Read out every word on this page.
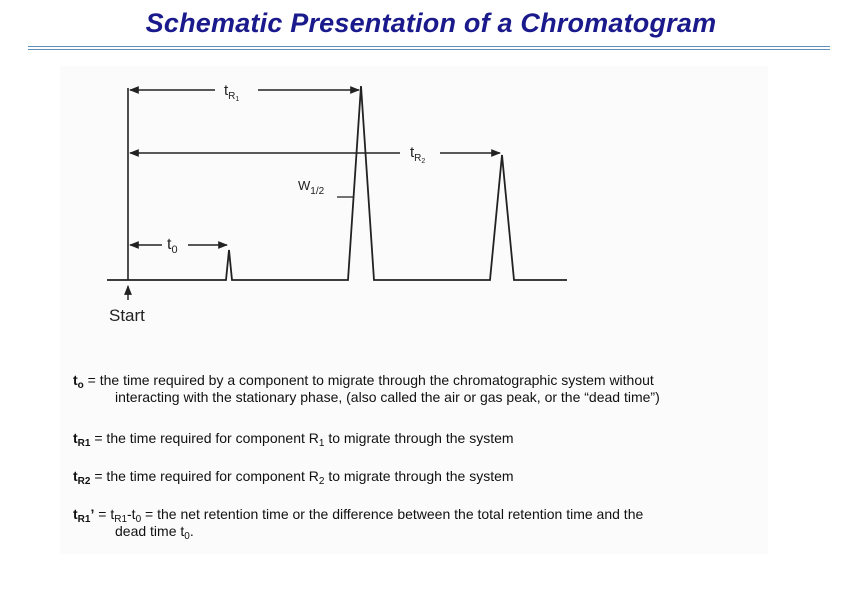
Schematic Presentation of a Chromatogram
$t_R1$
$t_R2$
$W_{1/2}$
$t_0$
Start
$t_o$ = the time required by a component to migrate through the chromatographic system without
interacting with the stationary phase, (also called the air or gas peak, or the “dead time”)
$t_{R1}$ = the time required for component $R_1$ to migrate through the system
$t_{R2}$ = the time required for component $R_2$ to migrate through the system
$t_{R1}$’ = $t_{R1}-t_0$ = the net retention time or the difference between the total retention time and the
dead time $t_0$.
